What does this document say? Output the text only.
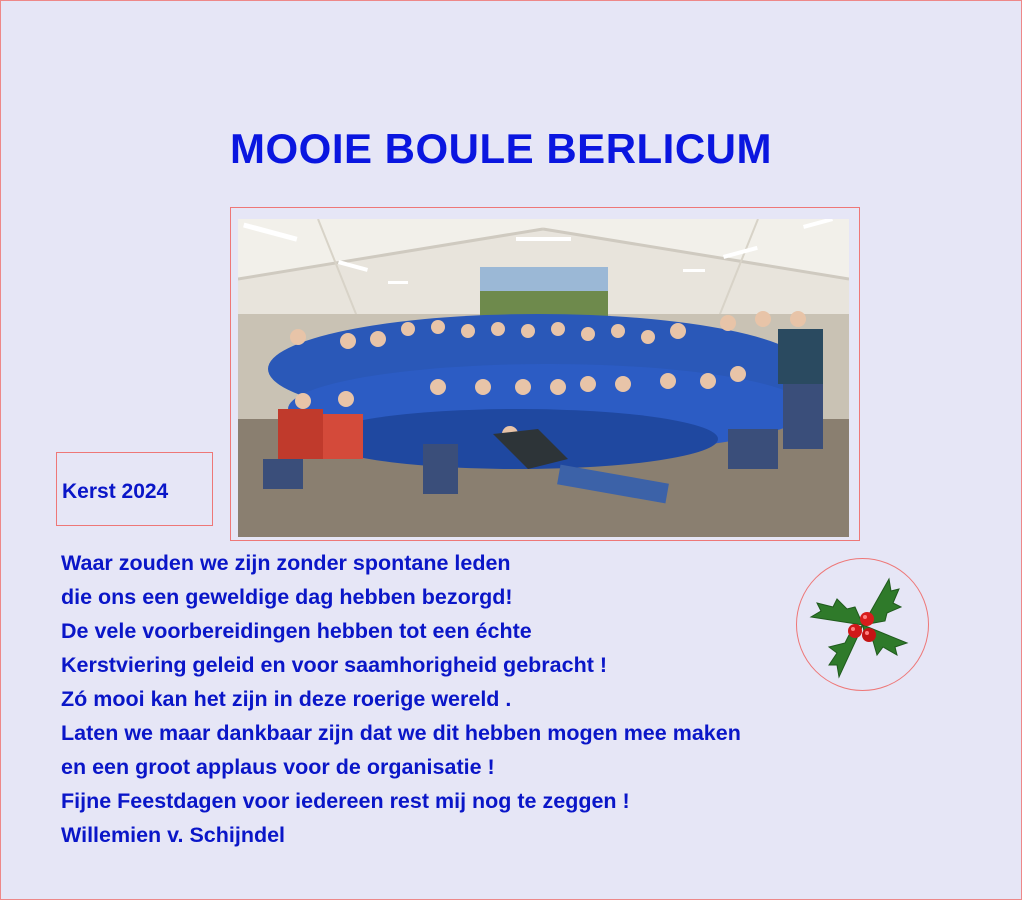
MOOIE BOULE BERLICUM
Kerst 2024
Waar zouden we zijn zonder spontane leden
die ons een geweldige dag hebben bezorgd!
De vele voorbereidingen hebben tot een échte
Kerstviering geleid en voor saamhorigheid gebracht !
Zó mooi kan het zijn in deze roerige wereld .
Laten we maar dankbaar zijn dat we dit hebben mogen mee maken
en een groot applaus voor de organisatie !
Fijne Feestdagen voor iedereen rest mij nog te zeggen !
Willemien v. Schijndel
